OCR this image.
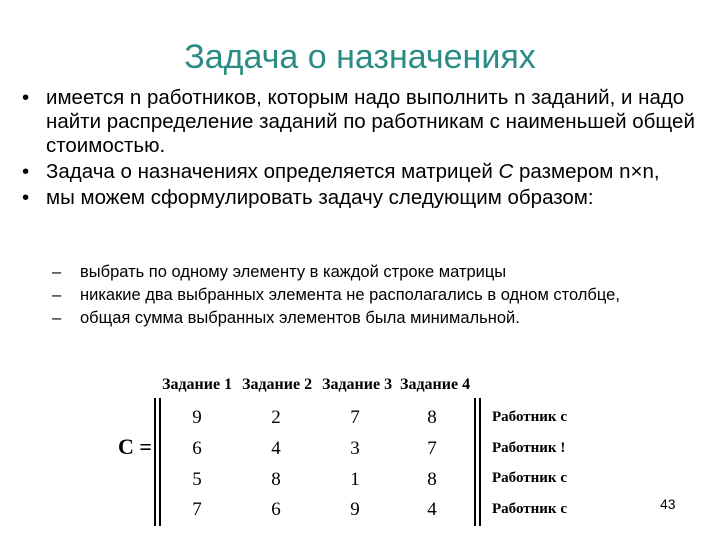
Задача о назначениях
• имеется n работников, которым надо выполнить n заданий, и надо найти распределение заданий по работникам с наименьшей общей стоимостью.
• Задача о назначениях определяется матрицей C размером n×n,
• мы можем сформулировать задачу следующим образом:
– выбрать по одному элементу в каждой строке матрицы
– никакие два выбранных элемента не располагались в одном столбце,
– общая сумма выбранных элементов была минимальной.
Задание 1 Задание 2 Задание 3 Задание 4
C =
9	2	7	8	Работник с
6	4	3	7	Работник !
5	8	1	8	Работник с
7	6	9	4	Работник с	43
